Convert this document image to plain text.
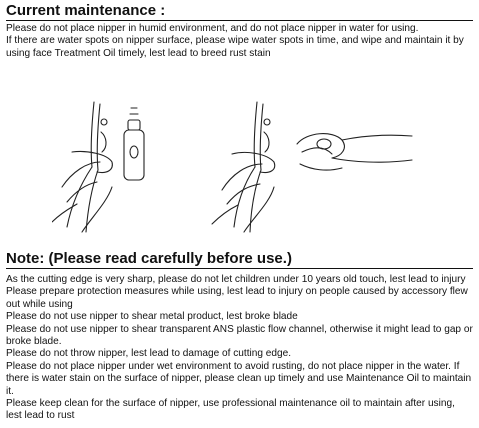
Current maintenance :

Please do not place nipper in humid environment, and do not place nipper in water for using.

If there are water spots on nipper surface, please wipe water spots in time, and wipe and maintain it by using face Treatment Oil timely, lest lead to breed rust stain

Note: (Please read carefully before use.)

As the cutting edge is very sharp, please do not let children under 10 years old touch, lest lead to injury

Please prepare protection measures while using, lest lead to injury on people caused by accessory flew out while using

Please do not use nipper to shear metal product, lest broke blade

Please do not use nipper to shear transparent ANS plastic flow channel, otherwise it might lead to gap or broke blade.

Please do not throw nipper, lest lead to damage of cutting edge.

Please do not place nipper under wet environment to avoid rusting, do not place nipper in the water. If there is water stain on the surface of nipper, please clean up timely and use Maintenance Oil to maintain it.

Please keep clean for the surface of nipper, use professional maintenance oil to maintain after using, lest lead to rust
